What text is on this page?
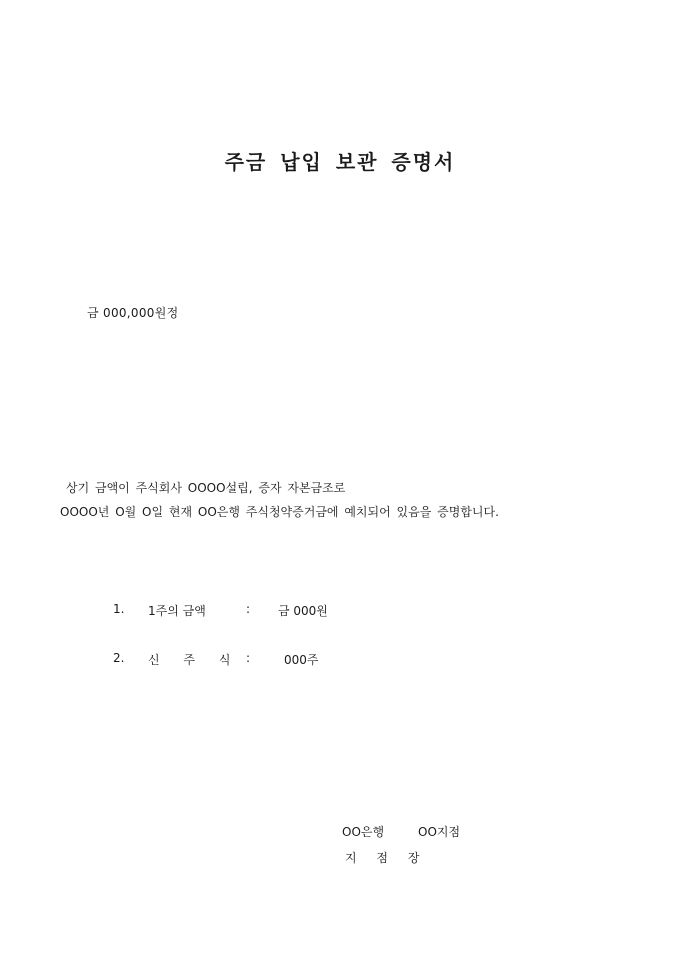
주금 납입 보관 증명서
금 000,000원정
상기 금액이 주식회사 OOOO설립, 증자 자본금조로
OOOO년 O월 O일 현재 OO은행 주식청약증거금에 예치되어 있음을 증명합니다.
1. 1주의 금액	: 금 000원
2. 신 주 식 :	000주
OO은행	OO지점
지 점 장
